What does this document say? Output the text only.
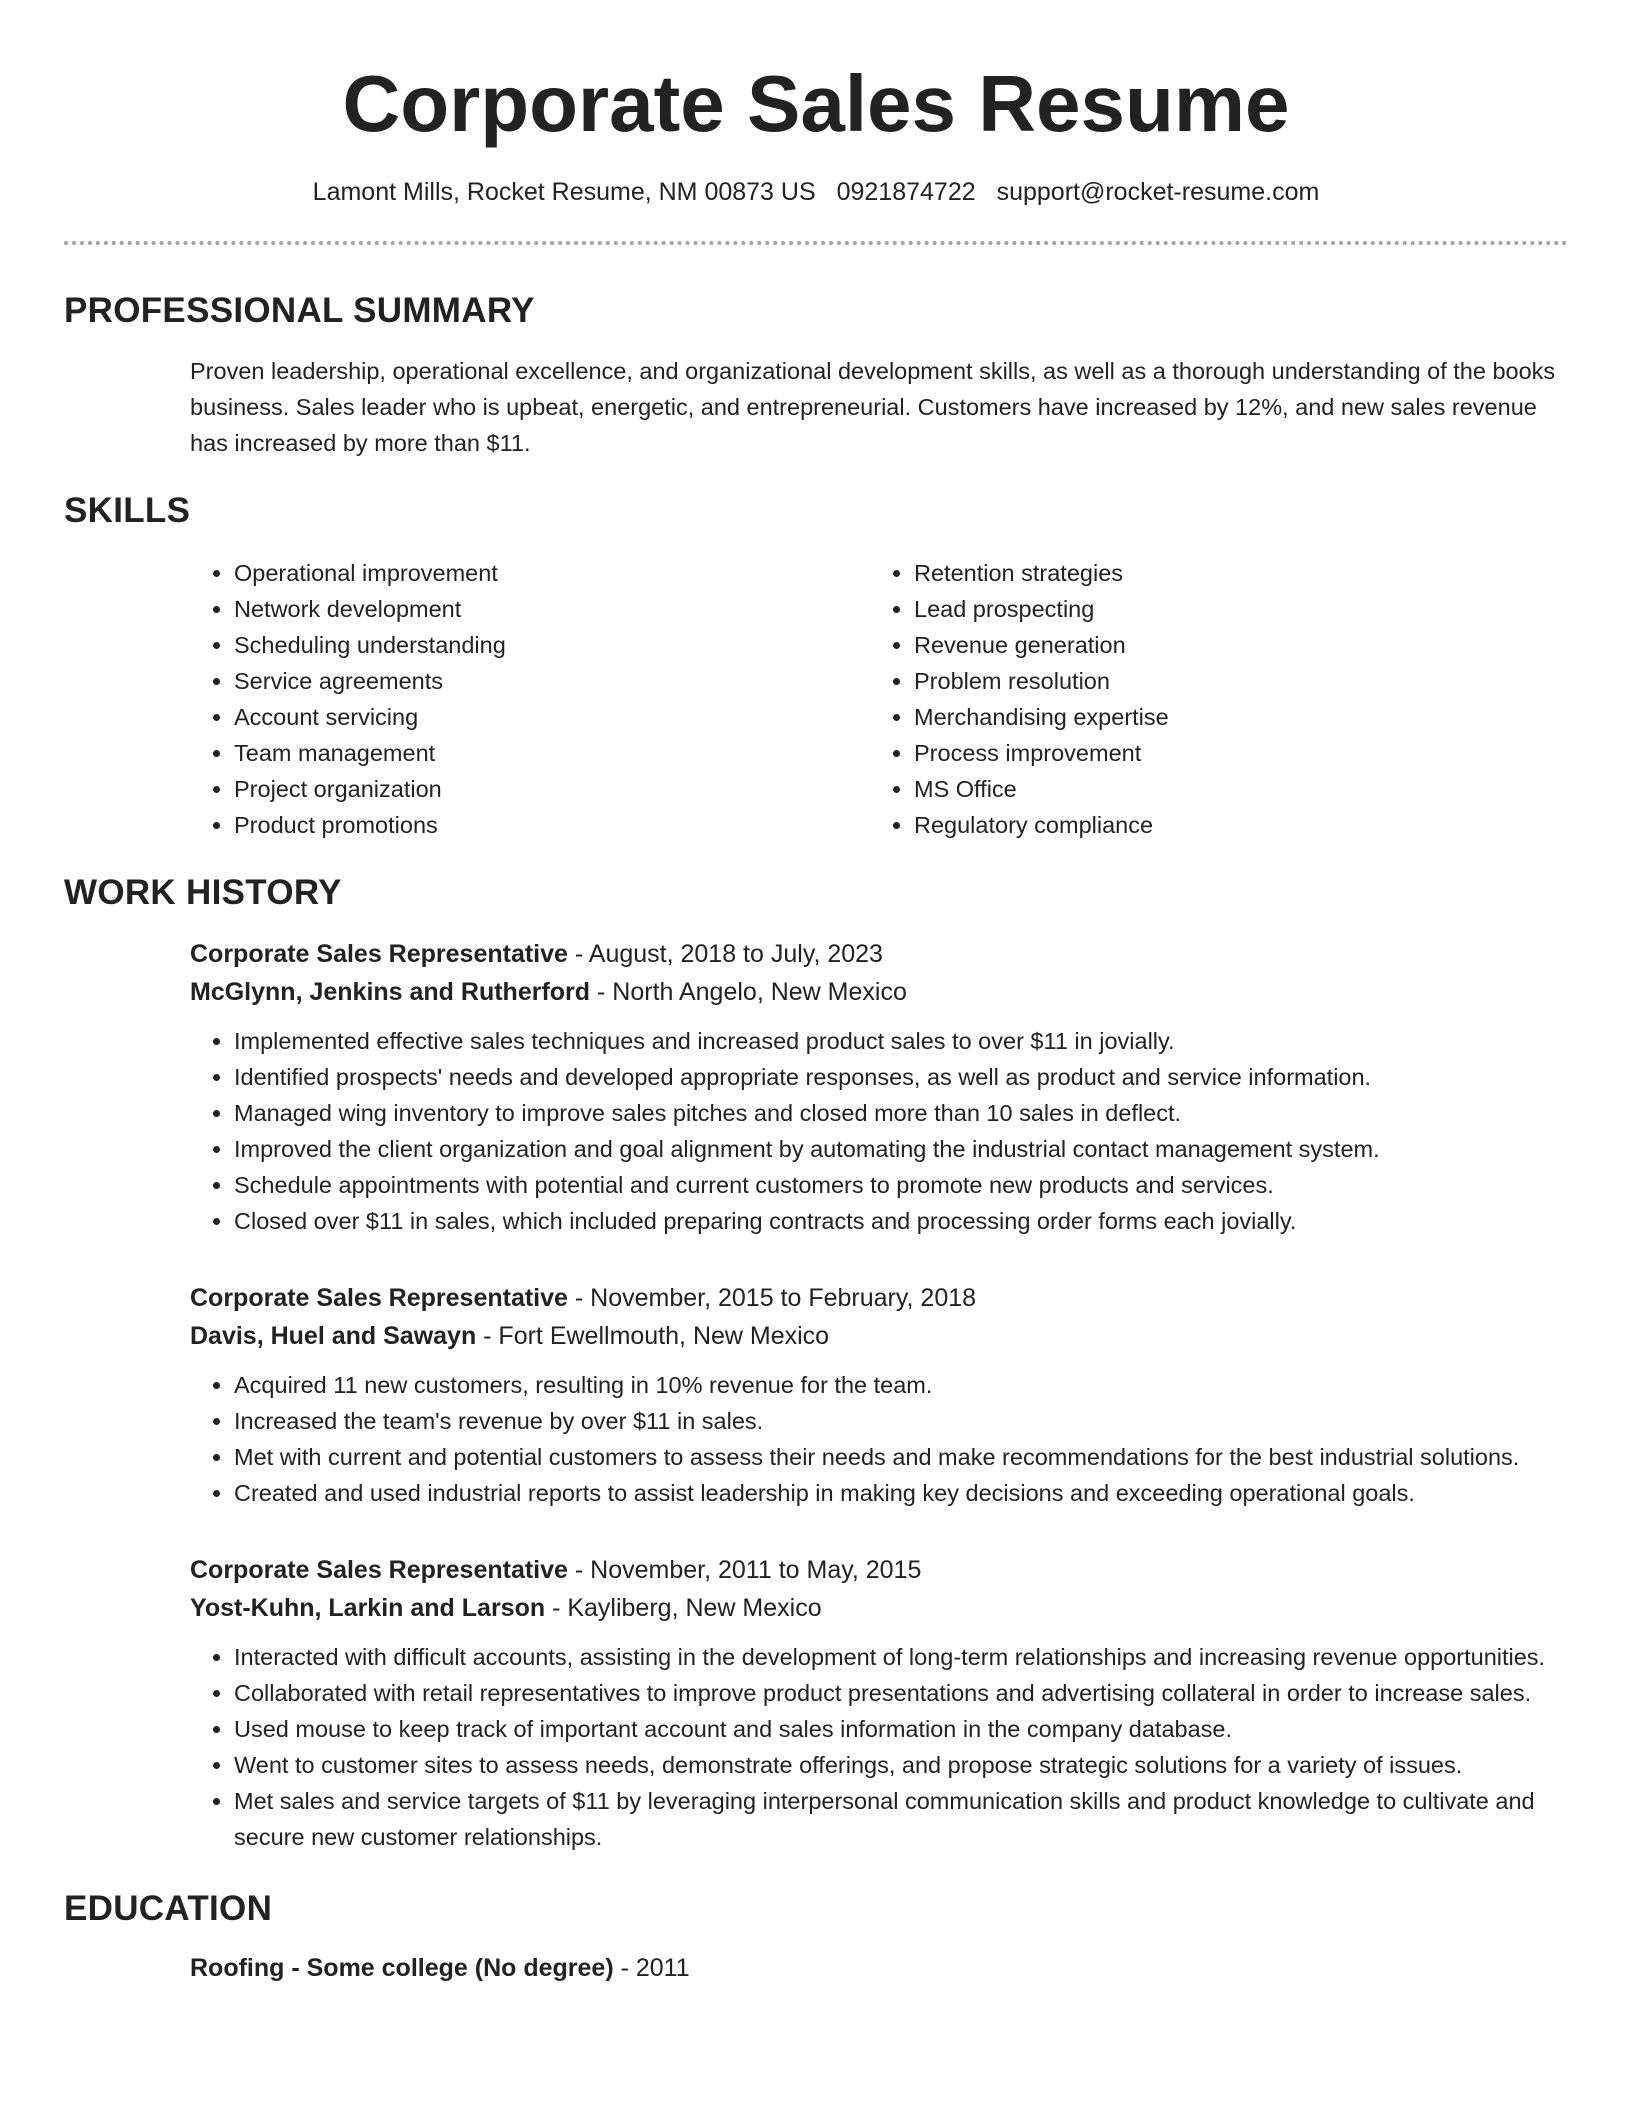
Corporate Sales Resume
Lamont Mills, Rocket Resume, NM 00873 US 0921874722 support@rocket-resume.com
PROFESSIONAL SUMMARY
Proven leadership, operational excellence, and organizational development skills, as well as a thorough understanding of the books business. Sales leader who is upbeat, energetic, and entrepreneurial. Customers have increased by 12%, and new sales revenue has increased by more than $11.
SKILLS
• Operational improvement
• Network development
• Scheduling understanding
• Service agreements
• Account servicing
• Team management
• Project organization
• Product promotions
• Retention strategies
• Lead prospecting
• Revenue generation
• Problem resolution
• Merchandising expertise
• Process improvement
• MS Office
• Regulatory compliance
WORK HISTORY
Corporate Sales Representative - August, 2018 to July, 2023
McGlynn, Jenkins and Rutherford - North Angelo, New Mexico
• Implemented effective sales techniques and increased product sales to over $11 in jovially.
• Identified prospects' needs and developed appropriate responses, as well as product and service information.
• Managed wing inventory to improve sales pitches and closed more than 10 sales in deflect.
• Improved the client organization and goal alignment by automating the industrial contact management system.
• Schedule appointments with potential and current customers to promote new products and services.
• Closed over $11 in sales, which included preparing contracts and processing order forms each jovially.
Corporate Sales Representative - November, 2015 to February, 2018
Davis, Huel and Sawayn - Fort Ewellmouth, New Mexico
• Acquired 11 new customers, resulting in 10% revenue for the team.
• Increased the team's revenue by over $11 in sales.
• Met with current and potential customers to assess their needs and make recommendations for the best industrial solutions.
• Created and used industrial reports to assist leadership in making key decisions and exceeding operational goals.
Corporate Sales Representative - November, 2011 to May, 2015
Yost-Kuhn, Larkin and Larson - Kayliberg, New Mexico
• Interacted with difficult accounts, assisting in the development of long-term relationships and increasing revenue opportunities.
• Collaborated with retail representatives to improve product presentations and advertising collateral in order to increase sales.
• Used mouse to keep track of important account and sales information in the company database.
• Went to customer sites to assess needs, demonstrate offerings, and propose strategic solutions for a variety of issues.
• Met sales and service targets of $11 by leveraging interpersonal communication skills and product knowledge to cultivate and secure new customer relationships.
EDUCATION
Roofing - Some college (No degree) - 2011
